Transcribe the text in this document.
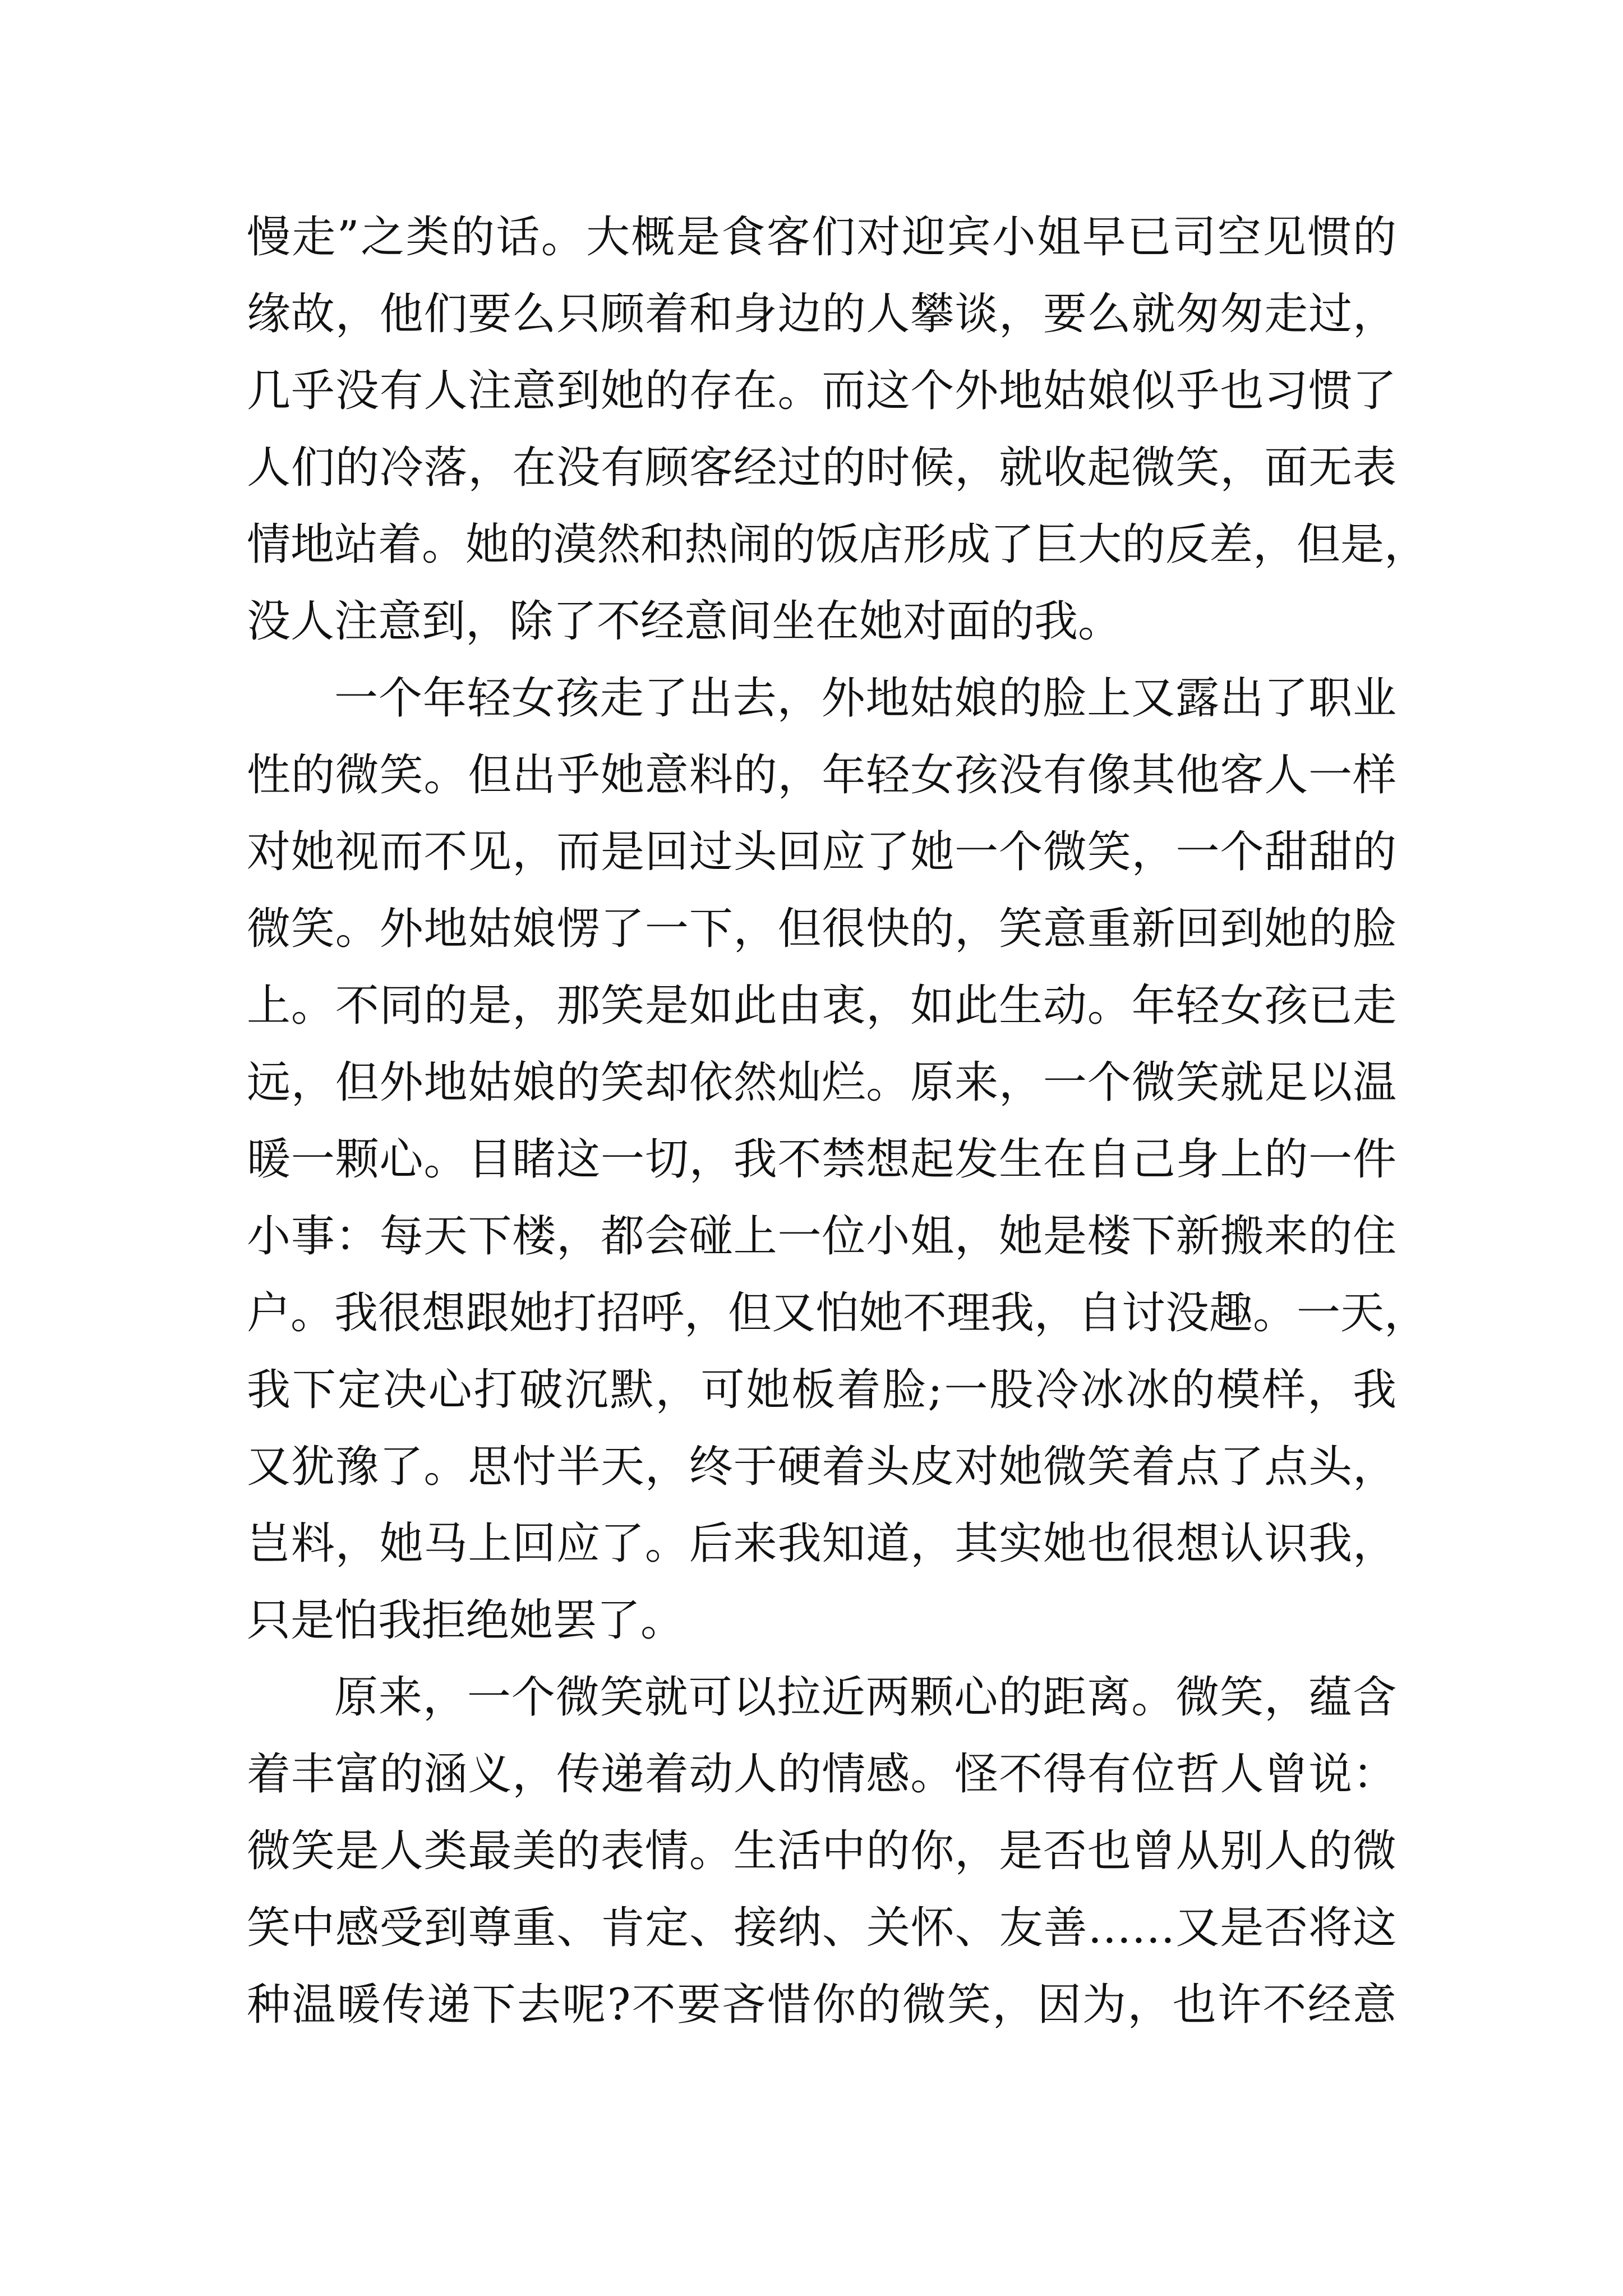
慢走”之类的话。大概是食客们对迎宾小姐早已司空见惯的
缘故，他们要么只顾着和身边的人攀谈，要么就匆匆走过，
几乎没有人注意到她的存在。而这个外地姑娘似乎也习惯了
人们的冷落，在没有顾客经过的时候，就收起微笑，面无表
情地站着。她的漠然和热闹的饭店形成了巨大的反差，但是，
没人注意到，除了不经意间坐在她对面的我。
一个年轻女孩走了出去，外地姑娘的脸上又露出了职业
性的微笑。但出乎她意料的，年轻女孩没有像其他客人一样
对她视而不见，而是回过头回应了她一个微笑，一个甜甜的
微笑。外地姑娘愣了一下，但很快的，笑意重新回到她的脸
上。不同的是，那笑是如此由衷，如此生动。年轻女孩已走
远，但外地姑娘的笑却依然灿烂。原来，一个微笑就足以温
暖一颗心。目睹这一切，我不禁想起发生在自己身上的一件
小事：每天下楼，都会碰上一位小姐，她是楼下新搬来的住
户。我很想跟她打招呼，但又怕她不理我，自讨没趣。一天，
我下定决心打破沉默，可她板着脸;一股冷冰冰的模样，我
又犹豫了。思忖半天，终于硬着头皮对她微笑着点了点头，
岂料，她马上回应了。后来我知道，其实她也很想认识我，
只是怕我拒绝她罢了。
原来，一个微笑就可以拉近两颗心的距离。微笑，蕴含
着丰富的涵义，传递着动人的情感。怪不得有位哲人曾说：
微笑是人类最美的表情。生活中的你，是否也曾从别人的微
笑中感受到尊重、肯定、接纳、关怀、友善……又是否将这
种温暖传递下去呢?不要吝惜你的微笑，因为，也许不经意
